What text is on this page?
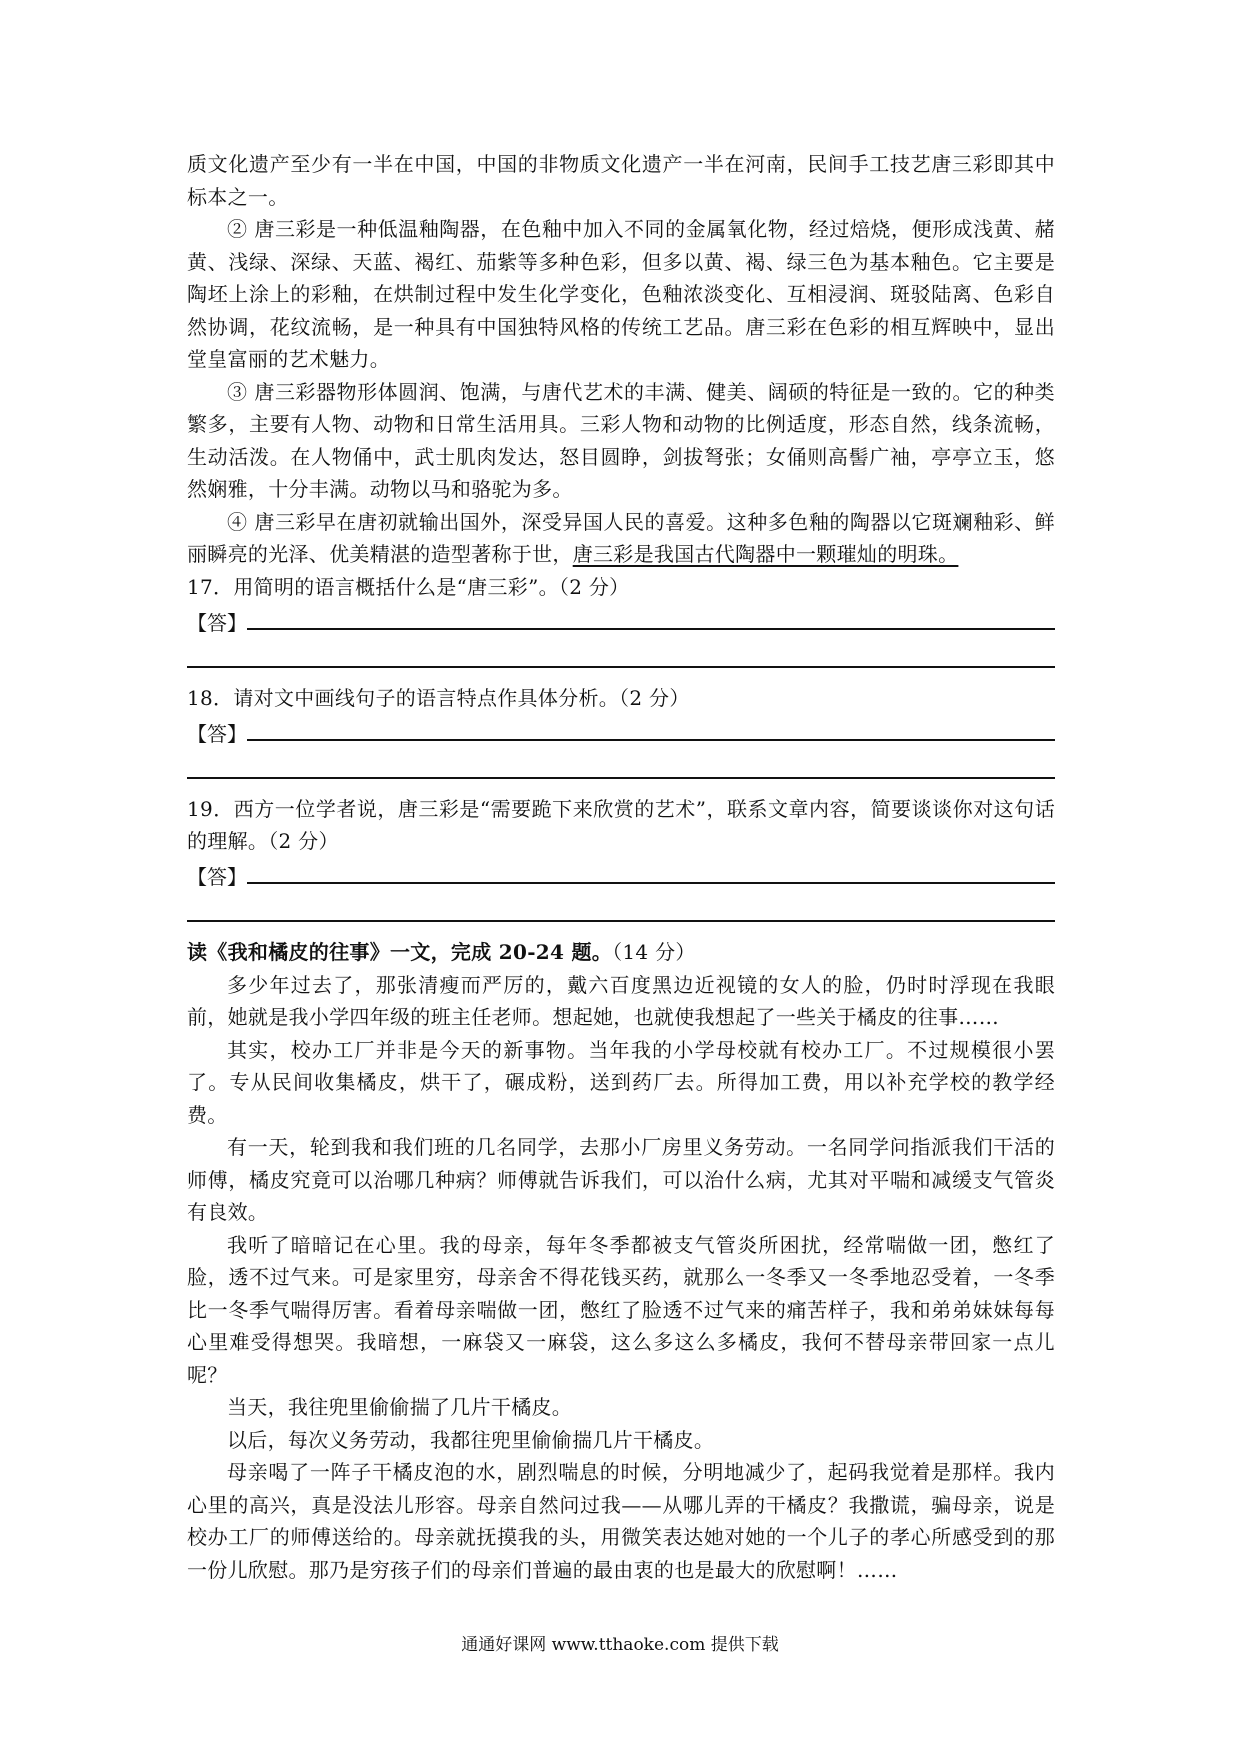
质文化遗产至少有一半在中国，中国的非物质文化遗产一半在河南，民间手工技艺唐三彩即其中标本之一。

② 唐三彩是一种低温釉陶器，在色釉中加入不同的金属氧化物，经过焙烧，便形成浅黄、赭黄、浅绿、深绿、天蓝、褐红、茄紫等多种色彩，但多以黄、褐、绿三色为基本釉色。它主要是陶坯上涂上的彩釉，在烘制过程中发生化学变化，色釉浓淡变化、互相浸润、斑驳陆离、色彩自然协调，花纹流畅，是一种具有中国独特风格的传统工艺品。唐三彩在色彩的相互辉映中，显出堂皇富丽的艺术魅力。

③ 唐三彩器物形体圆润、饱满，与唐代艺术的丰满、健美、阔硕的特征是一致的。它的种类繁多，主要有人物、动物和日常生活用具。三彩人物和动物的比例适度，形态自然，线条流畅，生动活泼。在人物俑中，武士肌肉发达，怒目圆睁，剑拔弩张；女俑则高髻广袖，亭亭立玉，悠然娴雅，十分丰满。动物以马和骆驼为多。

④ 唐三彩早在唐初就输出国外，深受异国人民的喜爱。这种多色釉的陶器以它斑斓釉彩、鲜丽瞬亮的光泽、优美精湛的造型著称于世，唐三彩是我国古代陶器中一颗璀灿的明珠。

17．用简明的语言概括什么是“唐三彩”。（2 分）

【答】

18．请对文中画线句子的语言特点作具体分析。（2 分）

【答】

19．西方一位学者说，唐三彩是“需要跪下来欣赏的艺术”，联系文章内容，简要谈谈你对这句话的理解。（2 分）

【答】

读《我和橘皮的往事》一文，完成 20-24 题。（14 分）

多少年过去了，那张清瘦而严厉的，戴六百度黑边近视镜的女人的脸，仍时时浮现在我眼前，她就是我小学四年级的班主任老师。想起她，也就使我想起了一些关于橘皮的往事……

其实，校办工厂并非是今天的新事物。当年我的小学母校就有校办工厂。不过规模很小罢了。专从民间收集橘皮，烘干了，碾成粉，送到药厂去。所得加工费，用以补充学校的教学经费。

有一天，轮到我和我们班的几名同学，去那小厂房里义务劳动。一名同学问指派我们干活的师傅，橘皮究竟可以治哪几种病？师傅就告诉我们，可以治什么病，尤其对平喘和减缓支气管炎有良效。

我听了暗暗记在心里。我的母亲，每年冬季都被支气管炎所困扰，经常喘做一团，憋红了脸，透不过气来。可是家里穷，母亲舍不得花钱买药，就那么一冬季又一冬季地忍受着，一冬季比一冬季气喘得厉害。看着母亲喘做一团，憋红了脸透不过气来的痛苦样子，我和弟弟妹妹每每心里难受得想哭。我暗想，一麻袋又一麻袋，这么多这么多橘皮，我何不替母亲带回家一点儿呢？

当天，我往兜里偷偷揣了几片干橘皮。

以后，每次义务劳动，我都往兜里偷偷揣几片干橘皮。

母亲喝了一阵子干橘皮泡的水，剧烈喘息的时候，分明地减少了，起码我觉着是那样。我内心里的高兴，真是没法儿形容。母亲自然问过我——从哪儿弄的干橘皮？我撒谎，骗母亲，说是校办工厂的师傅送给的。母亲就抚摸我的头，用微笑表达她对她的一个儿子的孝心所感受到的那一份儿欣慰。那乃是穷孩子们的母亲们普遍的最由衷的也是最大的欣慰啊！……

通通好课网 www.tthaoke.com 提供下载
